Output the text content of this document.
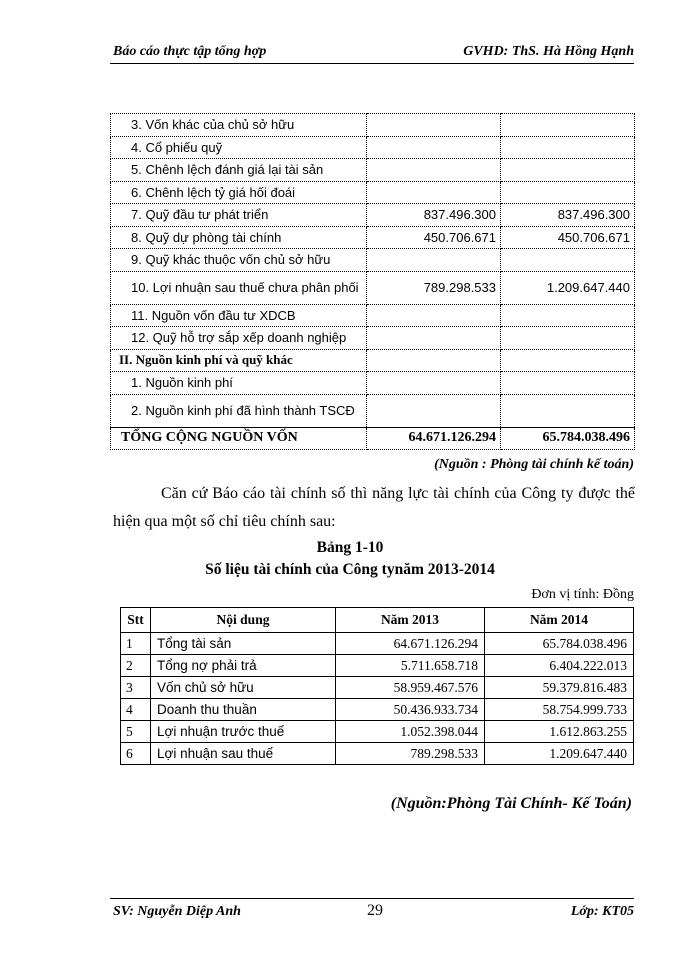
Báo cáo thực tập tổng hợp	GVHD: ThS. Hà Hồng Hạnh
3. Vốn khác của chủ sở hữu		
4. Cổ phiếu quỹ		
5. Chênh lệch đánh giá lại tài sản		
6. Chênh lệch tỷ giá hối đoái		
7. Quỹ đầu tư phát triển	837.496.300	837.496.300
8. Quỹ dự phòng tài chính	450.706.671	450.706.671
9. Quỹ khác thuộc vốn chủ sở hữu		
10. Lợi nhuận sau thuế chưa phân phối	789.298.533	1.209.647.440
11. Nguồn vốn đầu tư XDCB		
12. Quỹ hỗ trợ sắp xếp doanh nghiệp		
II. Nguồn kinh phí và quỹ khác		
1. Nguồn kinh phí		
2. Nguồn kinh phí đã hình thành TSCĐ		
TỔNG CỘNG NGUỒN VỐN	64.671.126.294	65.784.038.496
(Nguồn : Phòng tài chính kế toán)
Căn cứ Báo cáo tài chính số thì năng lực tài chính của Công ty được thể hiện qua một số chỉ tiêu chính sau:
Bảng 1-10
Số liệu tài chính của Công tynăm 2013-2014
Đơn vị tính: Đồng
Stt	Nội dung	Năm 2013	Năm 2014
1	Tổng tài sản	64.671.126.294	65.784.038.496
2	Tổng nợ phải trả	5.711.658.718	6.404.222.013
3	Vốn chủ sở hữu	58.959.467.576	59.379.816.483
4	Doanh thu thuần	50.436.933.734	58.754.999.733
5	Lợi nhuận trước thuế	1.052.398.044	1.612.863.255
6	Lợi nhuận sau thuế	789.298.533	1.209.647.440
(Nguồn:Phòng Tài Chính- Kế Toán)
SV: Nguyễn Diệp Anh	29	Lớp: KT05
